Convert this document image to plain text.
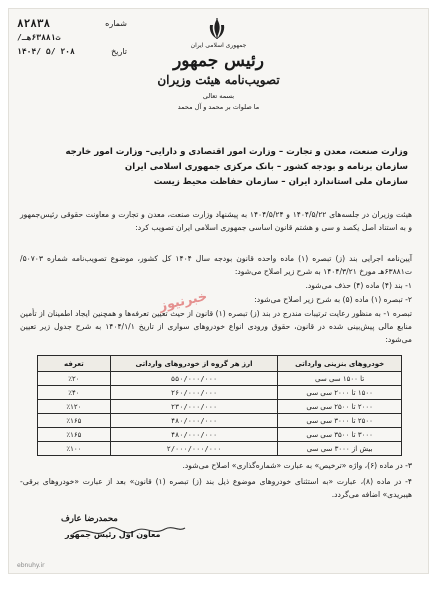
شماره
۸۲۸۳۸
/ت۶۳۸۸۱هـ
تاریخ
۱۴۰۴/ ۵/ ۲۰۸
جمهوری اسلامی ایران
رئیس جمهور
تصویب‌نامه هیئت وزیران
بسمه تعالی
ما صلوات بر محمد و آل محمد
وزارت صنعت، معدن و تجارت – وزارت امور اقتصادی و دارایی– وزارت امور خارجه
سازمان برنامه و بودجه کشور – بانک مرکزی جمهوری اسلامی ایران
سازمان ملی استاندارد ایران – سازمان حفاظت محیط زیست
هیئت وزیران در جلسه‌های ۱۴۰۴/۵/۲۲ و ۱۴۰۴/۵/۲۴ به پیشنهاد وزارت صنعت، معدن و تجارت و معاونت حقوقی رئیس‌جمهور و به استناد اصل یکصد و سی و هشتم قانون اساسی جمهوری اسلامی ایران تصویب کرد:
آیین‌نامه اجرایی بند (ز) تبصره (۱) ماده واحده قانون بودجه سال ۱۴۰۴ کل کشور، موضوع تصویب‌نامه شماره ۵۰۷۰۳/ت۶۳۸۸۱هـ مورخ ۱۴۰۴/۳/۲۱ به شرح زیر اصلاح می‌شود:
۱- بند (۴) ماده (۴) حذف می‌شود.
۲- تبصره (۱) ماده (۵) به شرح زیر اصلاح می‌شود:
تبصره ۱- به منظور رعایت ترتیبات مندرج در بند (ز) تبصره (۱) قانون از حیث تعیین تعرفه‌ها و همچنین ایجاد اطمینان از تأمین منابع مالی پیش‌بینی شده در قانون، حقوق ورودی انواع خودروهای سواری از تاریخ ۱۴۰۴/۱/۱ به شرح جدول زیر تعیین می‌شود:
خبرنیوز
خودروهای بنزینی وارداتی	ارز هر گروه از خودروهای وارداتی	تعرفه
تا ۱۵۰۰ سی سی	۵۵۰/۰۰۰/۰۰۰	٪۲۰
۱۵۰۰ تا ۲۰۰۰ سی سی	۲۶۰/۰۰۰/۰۰۰	٪۴۰
۲۰۰۰ تا ۲۵۰۰ سی سی	۲۳۰/۰۰۰/۰۰۰	٪۱۲۰
۲۵۰۰ تا ۳۰۰۰ سی سی	۴۸۰/۰۰۰/۰۰۰	٪۱۶۵
۳۰۰۰ تا ۳۵۰۰ سی سی	۴۸۰/۰۰۰/۰۰۰	٪۱۶۵
بیش از ۳۰۰۰ سی سی	۲/۰۰۰/۰۰۰/۰۰۰	٪۱۰۰
۳- در ماده (۶)، واژه «ترخیص» به عبارت «شماره‌گذاری» اصلاح می‌شود.
۴- در ماده (۸)، عبارت «به استثنای خودروهای موضوع ذیل بند (ز) تبصره (۱) قانون» بعد از عبارت «خودروهای برقی-هیبریدی» اضافه می‌گردد.
محمدرضا عارف
معاون اول رئیس جمهور
ebnuhy.ir
